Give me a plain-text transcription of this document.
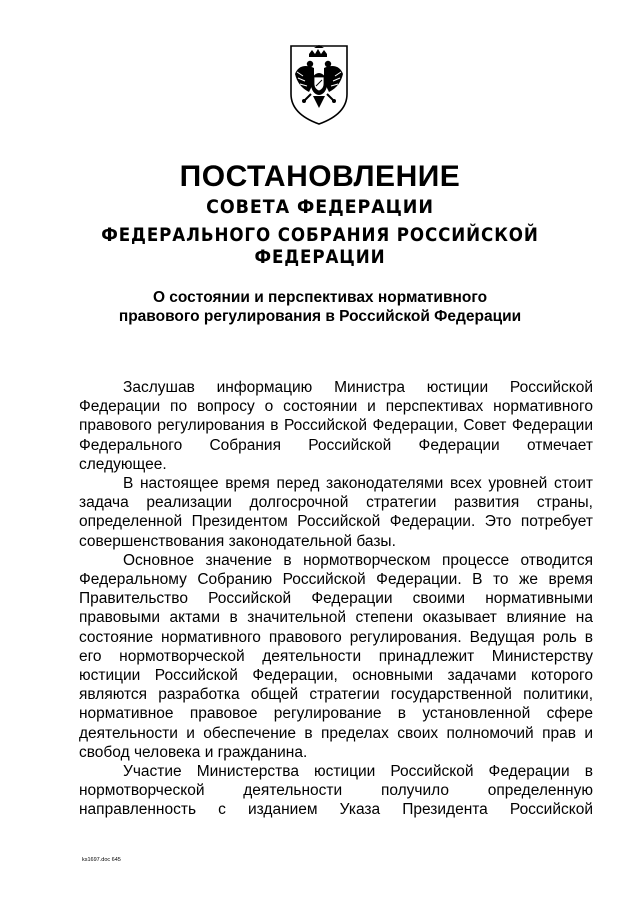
ПОСТАНОВЛЕНИЕ
СОВЕТА ФЕДЕРАЦИИ
ФЕДЕРАЛЬНОГО СОБРАНИЯ РОССИЙСКОЙ ФЕДЕРАЦИИ
О состоянии и перспективах нормативного
правового регулирования в Российской Федерации

Заслушав информацию Министра юстиции Российской Федерации по вопросу о состоянии и перспективах нормативного правового регулирования в Российской Федерации, Совет Федерации Федерального Собрания Российской Федерации отмечает следующее.

В настоящее время перед законодателями всех уровней стоит задача реализации долгосрочной стратегии развития страны, определенной Президентом Российской Федерации. Это потребует совершенствования законодательной базы.

Основное значение в нормотворческом процессе отводится Федеральному Собранию Российской Федерации. В то же время Правительство Российской Федерации своими нормативными правовыми актами в значительной степени оказывает влияние на состояние нормативного правового регулирования. Ведущая роль в его нормотворческой деятельности принадлежит Министерству юстиции Российской Федерации, основными задачами которого являются разработка общей стратегии государственной политики, нормативное правовое регулирование в установленной сфере деятельности и обеспечение в пределах своих полномочий прав и свобод человека и гражданина.

Участие Министерства юстиции Российской Федерации в нормотворческой деятельности получило определенную направленность с изданием Указа Президента Российской

ks1697.doc 645
